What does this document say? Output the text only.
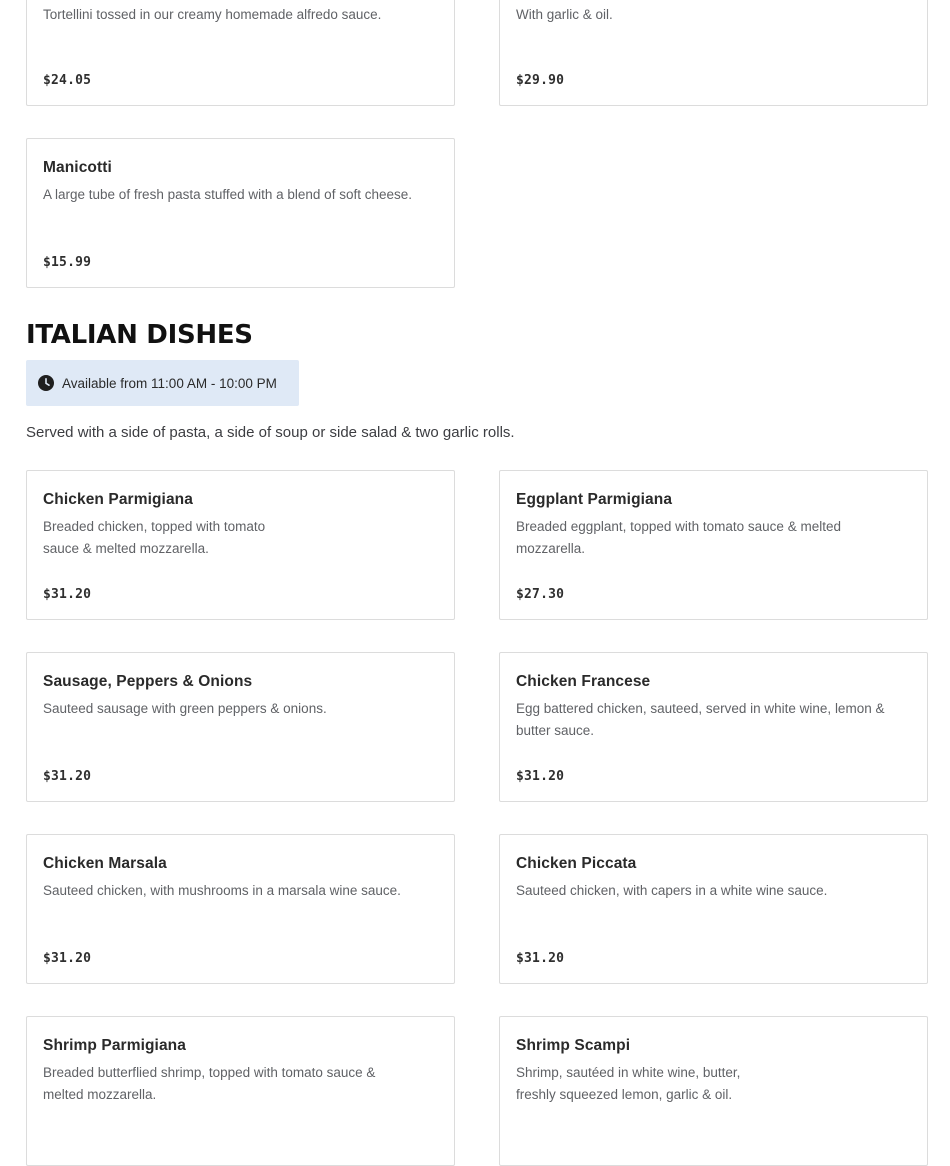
Tortellini tossed in our creamy homemade alfredo sauce.
$24.05
With garlic & oil.
$29.90
Manicotti
A large tube of fresh pasta stuffed with a blend of soft cheese.
$15.99
ITALIAN DISHES
Available from 11:00 AM - 10:00 PM
Served with a side of pasta, a side of soup or side salad & two garlic rolls.
Chicken Parmigiana
Breaded chicken, topped with tomato sauce & melted mozzarella.
$31.20
Eggplant Parmigiana
Breaded eggplant, topped with tomato sauce & melted mozzarella.
$27.30
Sausage, Peppers & Onions
Sauteed sausage with green peppers & onions.
$31.20
Chicken Francese
Egg battered chicken, sauteed, served in white wine, lemon & butter sauce.
$31.20
Chicken Marsala
Sauteed chicken, with mushrooms in a marsala wine sauce.
$31.20
Chicken Piccata
Sauteed chicken, with capers in a white wine sauce.
$31.20
Shrimp Parmigiana
Breaded butterflied shrimp, topped with tomato sauce & melted mozzarella.
Shrimp Scampi
Shrimp, sautéed in white wine, butter, freshly squeezed lemon, garlic & oil.
